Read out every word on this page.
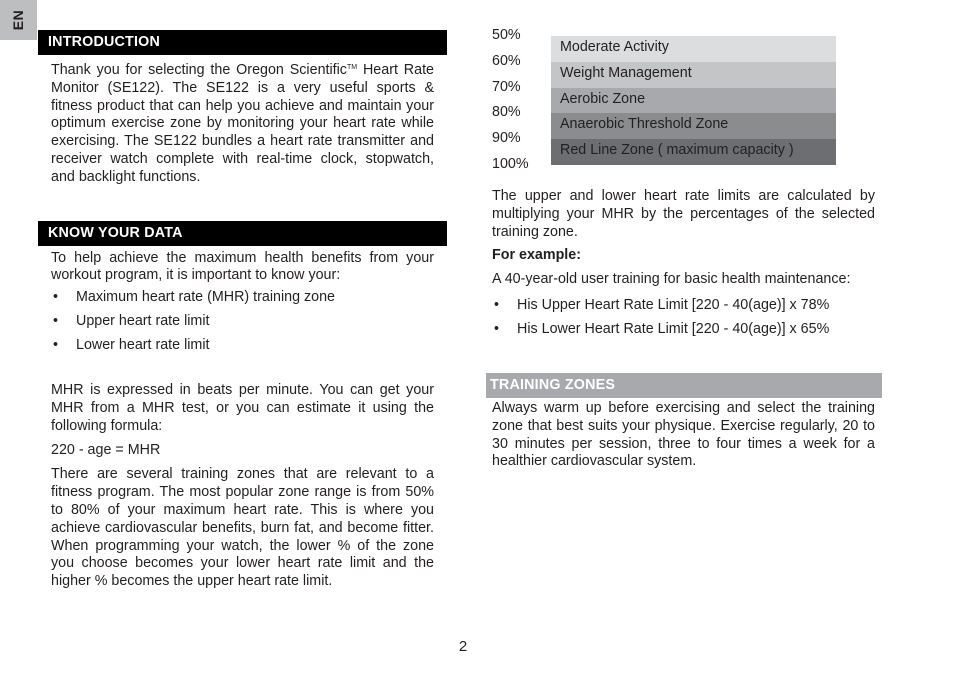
EN
INTRODUCTION

Thank you for selecting the Oregon Scientific™ Heart Rate Monitor (SE122). The SE122 is a very useful sports & fitness product that can help you achieve and maintain your optimum exercise zone by monitoring your heart rate while exercising. The SE122 bundles a heart rate transmitter and receiver watch complete with real-time clock, stopwatch, and backlight functions.

KNOW YOUR DATA

To help achieve the maximum health benefits from your workout program, it is important to know your:

• Maximum heart rate (MHR) training zone
• Upper heart rate limit
• Lower heart rate limit

MHR is expressed in beats per minute. You can get your MHR from a MHR test, or you can estimate it using the following formula:

220 - age = MHR

There are several training zones that are relevant to a fitness program. The most popular zone range is from 50% to 80% of your maximum heart rate. This is where you achieve cardiovascular benefits, burn fat, and become fitter. When programming your watch, the lower % of the zone you choose becomes your lower heart rate limit and the higher % becomes the upper heart rate limit.

50%
60%
70%
80%
90%
100%
Moderate Activity
Weight Management
Aerobic Zone
Anaerobic Threshold Zone
Red Line Zone ( maximum capacity )

The upper and lower heart rate limits are calculated by multiplying your MHR by the percentages of the selected training zone.

For example:

A 40-year-old user training for basic health maintenance:

• His Upper Heart Rate Limit [220 - 40(age)] x 78%
• His Lower Heart Rate Limit [220 - 40(age)] x 65%
TRAINING ZONES

Always warm up before exercising and select the training zone that best suits your physique. Exercise regularly, 20 to 30 minutes per session, three to four times a week for a healthier cardiovascular system.

2
